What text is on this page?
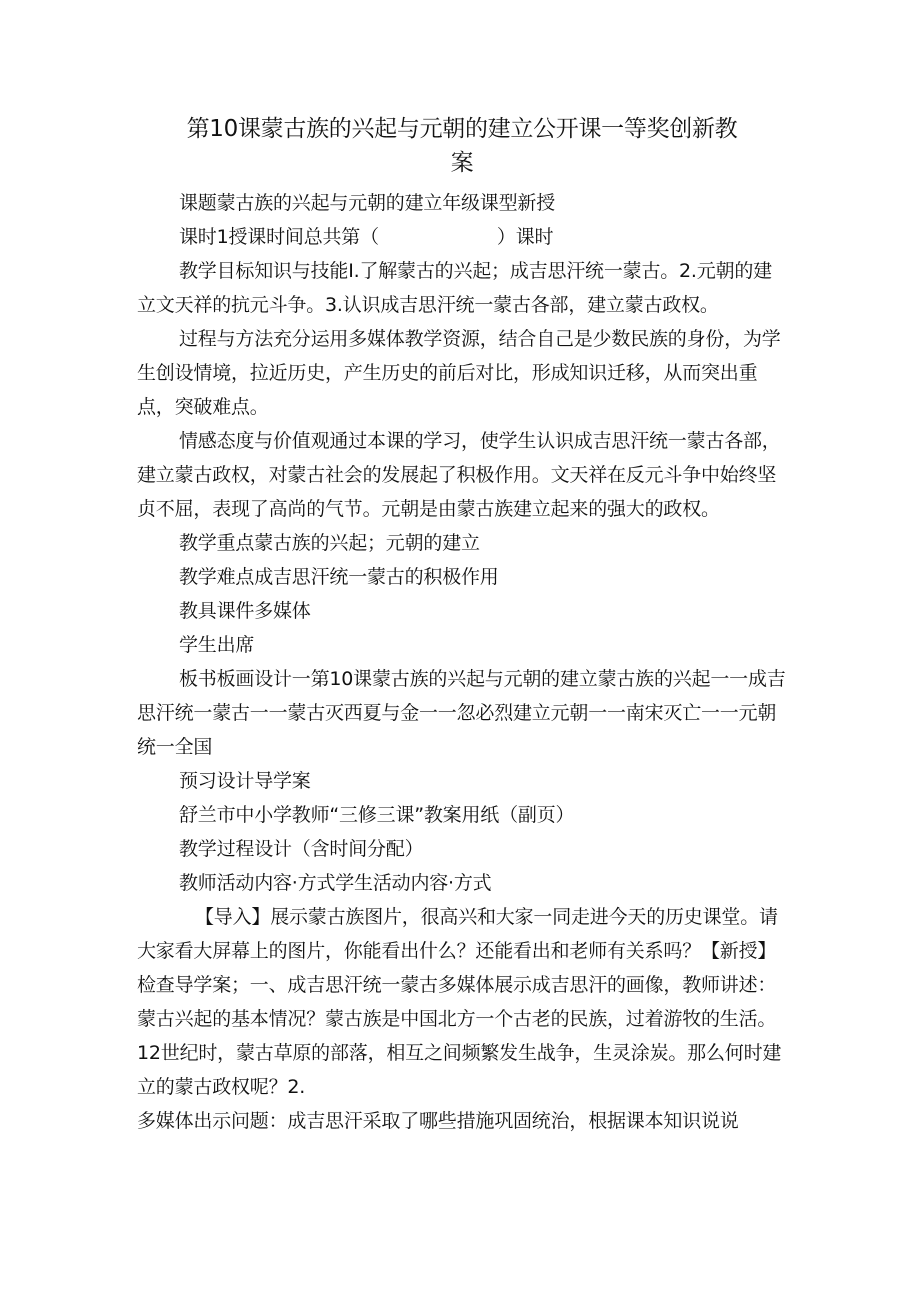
第10课蒙古族的兴起与元朝的建立公开课一等奖创新教
案

课题蒙古族的兴起与元朝的建立年级课型新授

课时1授课时间总共第（	）课时

教学目标知识与技能Ⅰ.了解蒙古的兴起；成吉思汗统一蒙古。2.元朝的建立文天祥的抗元斗争。3.认识成吉思汗统一蒙古各部，建立蒙古政权。

过程与方法充分运用多媒体教学资源，结合自己是少数民族的身份，为学生创设情境，拉近历史，产生历史的前后对比，形成知识迁移，从而突出重点，突破难点。

情感态度与价值观通过本课的学习，使学生认识成吉思汗统一蒙古各部，建立蒙古政权，对蒙古社会的发展起了积极作用。文天祥在反元斗争中始终坚贞不屈，表现了高尚的气节。元朝是由蒙古族建立起来的强大的政权。

教学重点蒙古族的兴起；元朝的建立

教学难点成吉思汗统一蒙古的积极作用

教具课件多媒体

学生出席

板书板画设计一第10课蒙古族的兴起与元朝的建立蒙古族的兴起一一成吉思汗统一蒙古一一蒙古灭西夏与金一一忽必烈建立元朝一一南宋灭亡一一元朝统一全国

预习设计导学案

舒兰市中小学教师“三修三课”教案用纸（副页）

教学过程设计（含时间分配）

教师活动内容·方式学生活动内容·方式

【导入】展示蒙古族图片，很高兴和大家一同走进今天的历史课堂。请大家看大屏幕上的图片，你能看出什么？还能看出和老师有关系吗？【新授】检查导学案；一、成吉思汗统一蒙古多媒体展示成吉思汗的画像，教师讲述：蒙古兴起的基本情况？蒙古族是中国北方一个古老的民族，过着游牧的生活。12世纪时，蒙古草原的部落，相互之间频繁发生战争，生灵涂炭。那么何时建立的蒙古政权呢？2.

多媒体出示问题：成吉思汗采取了哪些措施巩固统治，根据课本知识说说
